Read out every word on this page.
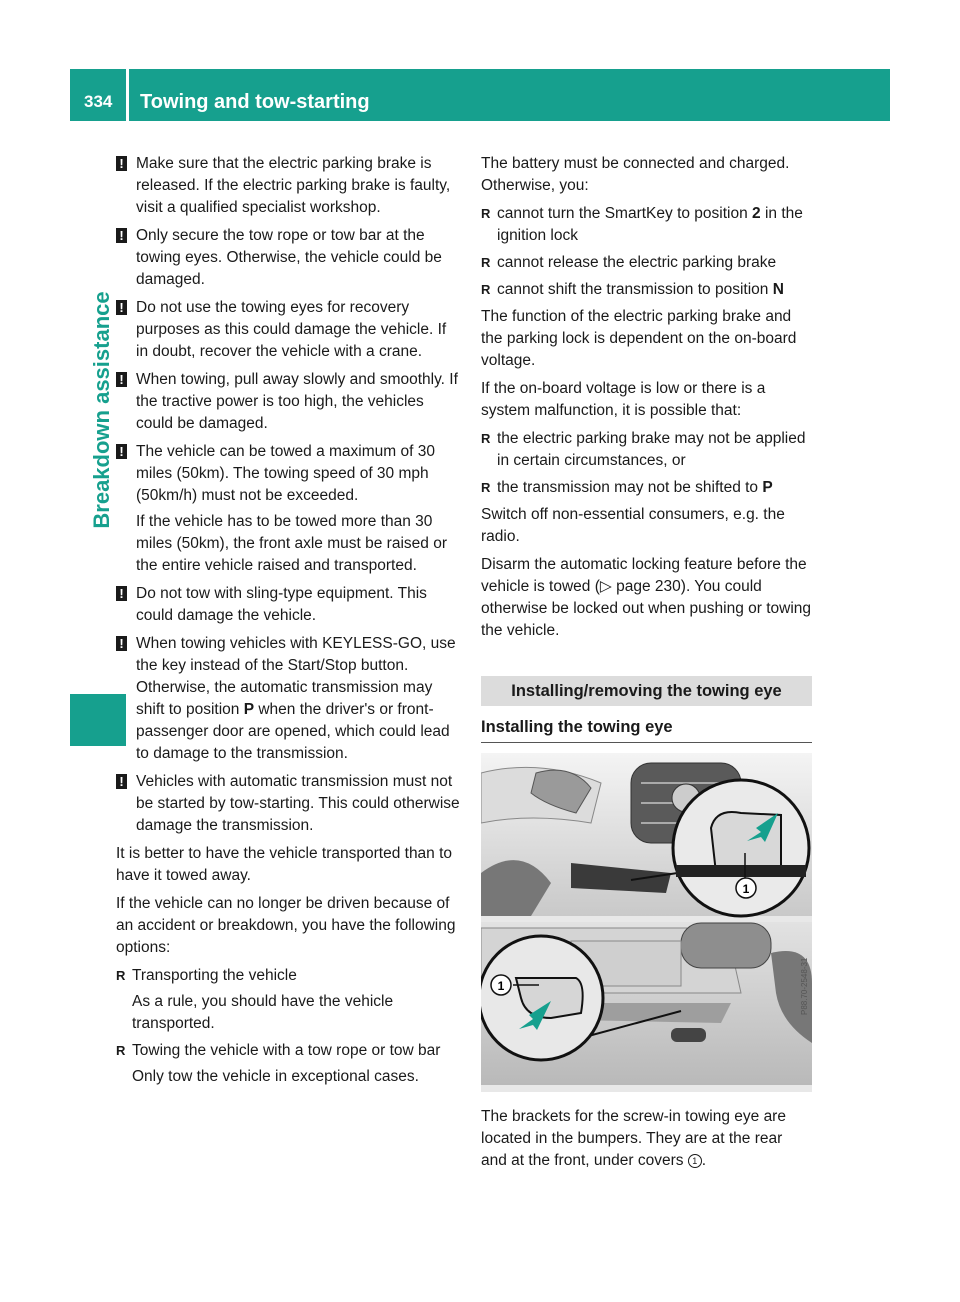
334 Towing and tow-starting
Breakdown assistance
! Make sure that the electric parking brake is released. If the electric parking brake is faulty, visit a qualified specialist workshop.
! Only secure the tow rope or tow bar at the towing eyes. Otherwise, the vehicle could be damaged.
! Do not use the towing eyes for recovery purposes as this could damage the vehicle. If in doubt, recover the vehicle with a crane.
! When towing, pull away slowly and smoothly. If the tractive power is too high, the vehicles could be damaged.
! The vehicle can be towed a maximum of 30 miles (50km). The towing speed of 30 mph (50km/h) must not be exceeded.
If the vehicle has to be towed more than 30 miles (50km), the front axle must be raised or the entire vehicle raised and transported.
! Do not tow with sling-type equipment. This could damage the vehicle.
! When towing vehicles with KEYLESS-GO, use the key instead of the Start/Stop button. Otherwise, the automatic transmission may shift to position P when the driver's or front-passenger door are opened, which could lead to damage to the transmission.
! Vehicles with automatic transmission must not be started by tow-starting. This could otherwise damage the transmission.

It is better to have the vehicle transported than to have it towed away.

If the vehicle can no longer be driven because of an accident or breakdown, you have the following options:

R Transporting the vehicle
As a rule, you should have the vehicle transported.
R Towing the vehicle with a tow rope or tow bar
Only tow the vehicle in exceptional cases.

The battery must be connected and charged. Otherwise, you:

R cannot turn the SmartKey to position 2 in the ignition lock
R cannot release the electric parking brake
R cannot shift the transmission to position N

The function of the electric parking brake and the parking lock is dependent on the on-board voltage.

If the on-board voltage is low or there is a system malfunction, it is possible that:

R the electric parking brake may not be applied in certain circumstances, or
R the transmission may not be shifted to P

Switch off non-essential consumers, e.g. the radio.

Disarm the automatic locking feature before the vehicle is towed (▷ page 230). You could otherwise be locked out when pushing or towing the vehicle.

Installing/removing the towing eye
Installing the towing eye
1
1	P88.70-2548-31

The brackets for the screw-in towing eye are located in the bumpers. They are at the rear and at the front, under covers 1 .
